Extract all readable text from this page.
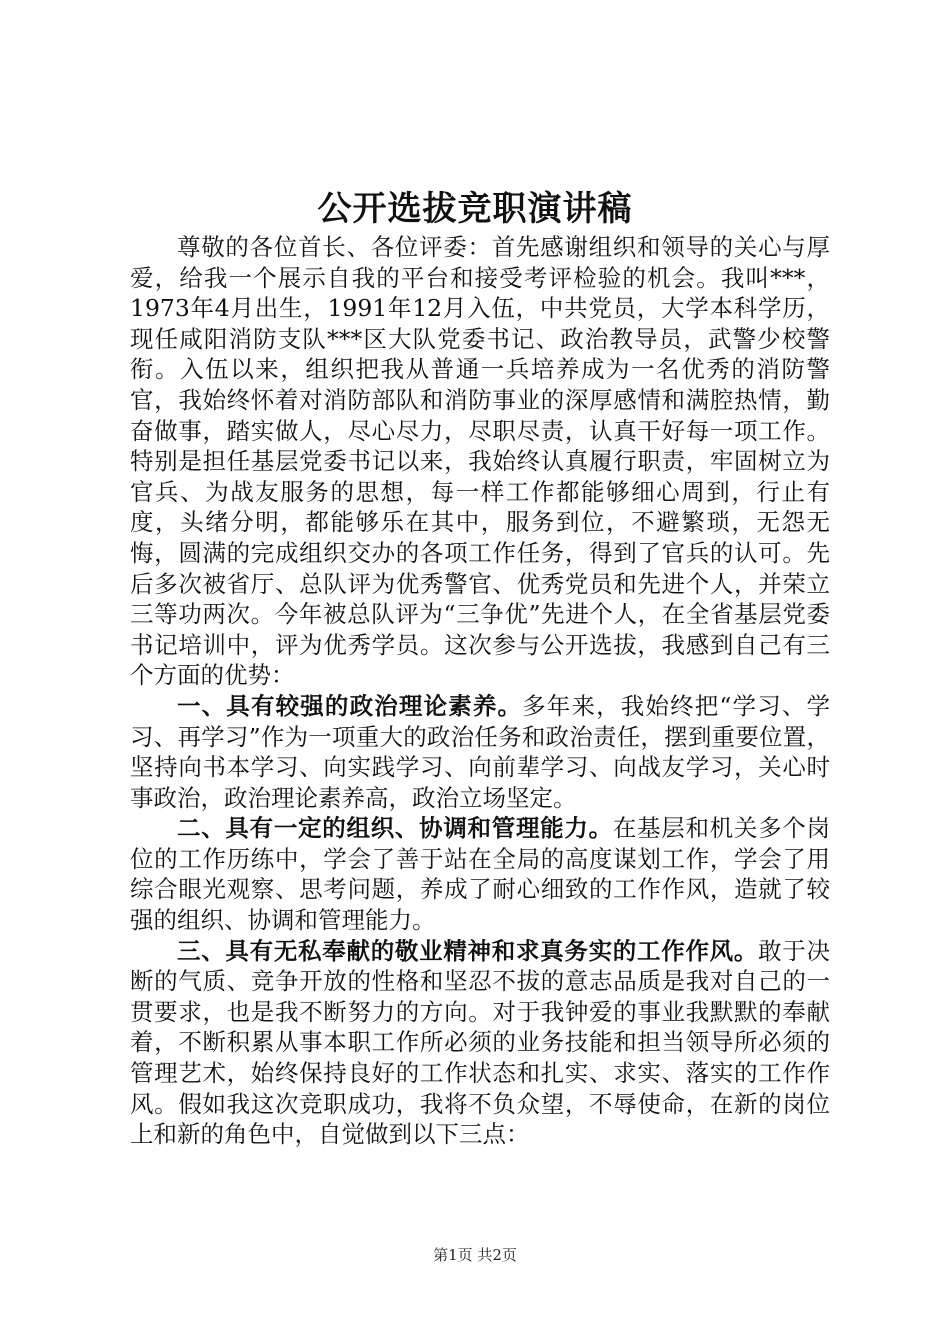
公开选拔竞职演讲稿

尊敬的各位首长、各位评委：首先感谢组织和领导的关心与厚爱，给我一个展示自我的平台和接受考评检验的机会。我叫***，1973年4月出生，1991年12月入伍，中共党员，大学本科学历，现任咸阳消防支队***区大队党委书记、政治教导员，武警少校警衔。入伍以来，组织把我从普通一兵培养成为一名优秀的消防警官，我始终怀着对消防部队和消防事业的深厚感情和满腔热情，勤奋做事，踏实做人，尽心尽力，尽职尽责，认真干好每一项工作。特别是担任基层党委书记以来，我始终认真履行职责，牢固树立为官兵、为战友服务的思想，每一样工作都能够细心周到，行止有度，头绪分明，都能够乐在其中，服务到位，不避繁琐，无怨无悔，圆满的完成组织交办的各项工作任务，得到了官兵的认可。先后多次被省厅、总队评为优秀警官、优秀党员和先进个人，并荣立三等功两次。今年被总队评为“三争优”先进个人，在全省基层党委书记培训中，评为优秀学员。这次参与公开选拔，我感到自己有三个方面的优势：

一、具有较强的政治理论素养。多年来，我始终把“学习、学习、再学习”作为一项重大的政治任务和政治责任，摆到重要位置，坚持向书本学习、向实践学习、向前辈学习、向战友学习，关心时事政治，政治理论素养高，政治立场坚定。

二、具有一定的组织、协调和管理能力。在基层和机关多个岗位的工作历练中，学会了善于站在全局的高度谋划工作，学会了用综合眼光观察、思考问题，养成了耐心细致的工作作风，造就了较强的组织、协调和管理能力。

三、具有无私奉献的敬业精神和求真务实的工作作风。敢于决断的气质、竞争开放的性格和坚忍不拔的意志品质是我对自己的一贯要求，也是我不断努力的方向。对于我钟爱的事业我默默的奉献着，不断积累从事本职工作所必须的业务技能和担当领导所必须的管理艺术，始终保持良好的工作状态和扎实、求实、落实的工作作风。假如我这次竞职成功，我将不负众望，不辱使命，在新的岗位上和新的角色中，自觉做到以下三点：

第1页 共2页
